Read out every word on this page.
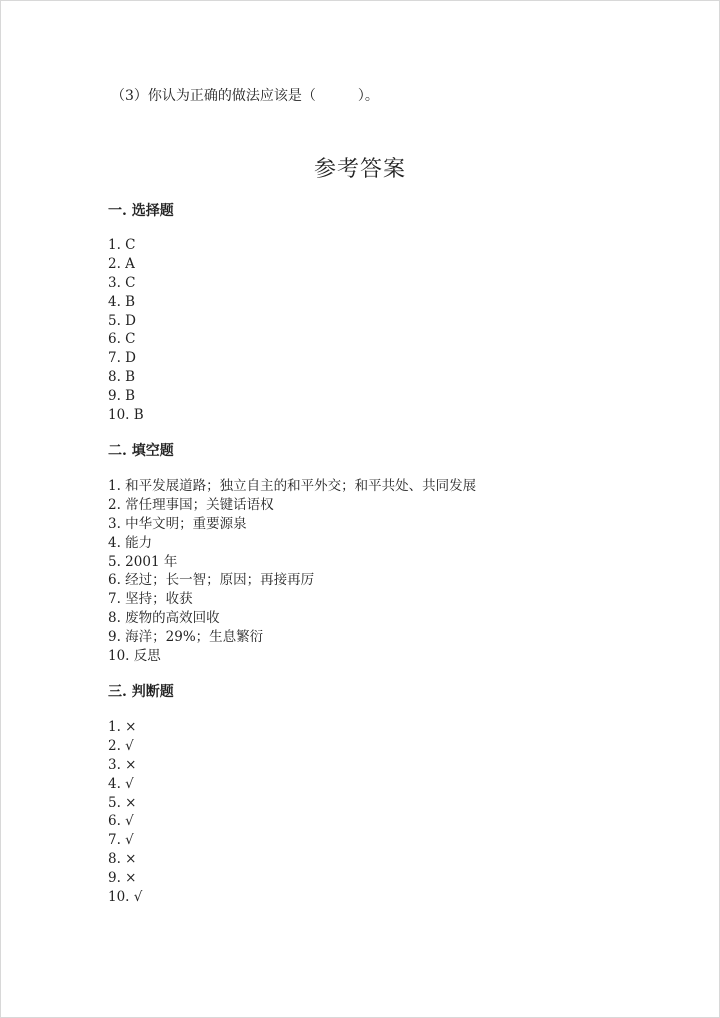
（3）你认为正确的做法应该是（　　　）。
参考答案
一. 选择题
1. C
2. A
3. C
4. B
5. D
6. C
7. D
8. B
9. B
10. B
二. 填空题
1. 和平发展道路；独立自主的和平外交；和平共处、共同发展
2. 常任理事国；关键话语权
3. 中华文明；重要源泉
4. 能力
5. 2001 年
6. 经过；长一智；原因；再接再厉
7. 坚持；收获
8. 废物的高效回收
9. 海洋；29%；生息繁衍
10. 反思
三. 判断题
1. ×
2. √
3. ×
4. √
5. ×
6. √
7. √
8. ×
9. ×
10. √
